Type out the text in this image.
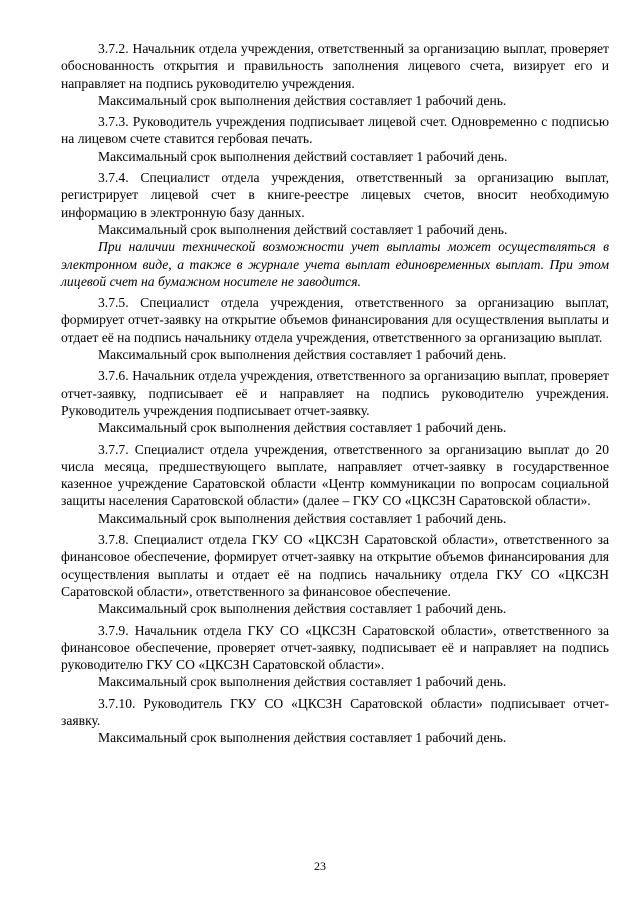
3.7.2. Начальник отдела учреждения, ответственный за организацию выплат, проверяет обоснованность открытия и правильность заполнения лицевого счета, визирует его и направляет на подпись руководителю учреждения.

Максимальный срок выполнения действия составляет 1 рабочий день.

3.7.3. Руководитель учреждения подписывает лицевой счет. Одновременно с подписью на лицевом счете ставится гербовая печать.

Максимальный срок выполнения действий составляет 1 рабочий день.

3.7.4. Специалист отдела учреждения, ответственный за организацию выплат, регистрирует лицевой счет в книге-реестре лицевых счетов, вносит необходимую информацию в электронную базу данных.

Максимальный срок выполнения действий составляет 1 рабочий день.

При наличии технической возможности учет выплаты может осуществляться в электронном виде, а также в журнале учета выплат единовременных выплат. При этом лицевой счет на бумажном носителе не заводится.

3.7.5. Специалист отдела учреждения, ответственного за организацию выплат, формирует отчет-заявку на открытие объемов финансирования для осуществления выплаты и отдает её на подпись начальнику отдела учреждения, ответственного за организацию выплат.

Максимальный срок выполнения действия составляет 1 рабочий день.

3.7.6. Начальник отдела учреждения, ответственного за организацию выплат, проверяет отчет-заявку, подписывает её и направляет на подпись руководителю учреждения. Руководитель учреждения подписывает отчет-заявку.

Максимальный срок выполнения действия составляет 1 рабочий день.

3.7.7. Специалист отдела учреждения, ответственного за организацию выплат до 20 числа месяца, предшествующего выплате, направляет отчет-заявку в государственное казенное учреждение Саратовской области «Центр коммуникации по вопросам социальной защиты населения Саратовской области» (далее – ГКУ СО «ЦКСЗН Саратовской области».

Максимальный срок выполнения действия составляет 1 рабочий день.

3.7.8. Специалист отдела ГКУ СО «ЦКСЗН Саратовской области», ответственного за финансовое обеспечение, формирует отчет-заявку на открытие объемов финансирования для осуществления выплаты и отдает её на подпись начальнику отдела ГКУ СО «ЦКСЗН Саратовской области», ответственного за финансовое обеспечение.

Максимальный срок выполнения действия составляет 1 рабочий день.

3.7.9. Начальник отдела ГКУ СО «ЦКСЗН Саратовской области», ответственного за финансовое обеспечение, проверяет отчет-заявку, подписывает её и направляет на подпись руководителю ГКУ СО «ЦКСЗН Саратовской области».

Максимальный срок выполнения действия составляет 1 рабочий день.

3.7.10. Руководитель ГКУ СО «ЦКСЗН Саратовской области» подписывает отчет-заявку.

Максимальный срок выполнения действия составляет 1 рабочий день.

23
